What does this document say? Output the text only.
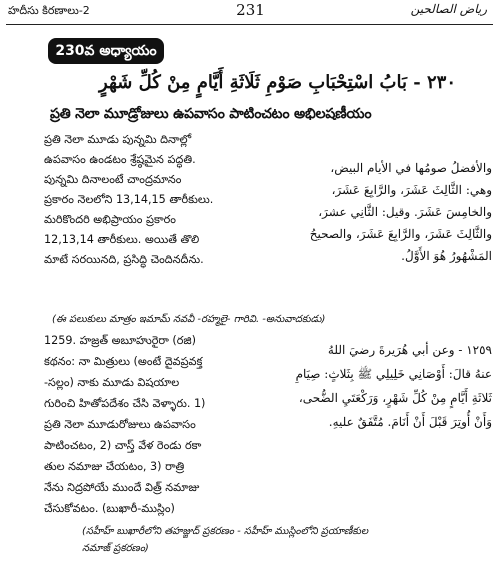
హదీసు కిరణాలు-2	231	رياض الصالحين
230వ అధ్యాయం
٢٣٠ - بَابُ اسْتِحْبَابِ صَوْمِ ثَلَاثَةِ أَيَّامٍ مِنْ كُلِّ شَهْرٍ
ప్రతి నెలా మూడ్రోజులు ఉపవాసం పాటించటం అభిలషణీయం
ప్రతి నెలా మూడు పున్నమి దినాల్లో
ఉపవాసం ఉండటం శ్రేష్ఠమైన పద్ధతి.
పున్నమి దినాలంటే చాంద్రమానం
ప్రకారం నెలలోని 13,14,15 తారీకులు.
మరికొందరి అభిప్రాయం ప్రకారం
12,13,14 తారీకులు. అయితే తొలి
మాటే సరయినది, ప్రసిద్ధి చెందినదీను.
والأفضلُ صومُها في الأيام البيض،
وهي: الثَّالِثَ عَشَرَ، والرَّابِعَ عَشَرَ،
والخامِسَ عَشَرَ. وقيل: الثَّانِي عشرَ،
والثَّالِثَ عَشَرَ، والرَّابِعَ عَشَرَ، والصحيحُ
المَشْهُورُ هُوَ الأَوَّلُ.
(ఈ పలుకులు మాత్రం ఇమామ్ నవవీ -రహ్మలై- గారివి. -అనువాదకుడు)
1259. హజ్రత్ అబూహురైరా (రజి)
కథనం: నా మిత్రులు (అంటే దైవప్రవక్త
-సల్లం) నాకు మూడు విషయాల
గురించి హితోపదేశం చేసి వెళ్ళారు. 1)
ప్రతి నెలా మూడురోజులు ఉపవాసం
పాటించటం, 2) చాస్త్ వేళ రెండు రకా
తుల నమాజు చేయటం, 3) రాత్రి
నేను నిద్రపోయే ముందే విత్ర్ నమాజు
చేసుకోవటం. (బుఖారీ-ముస్లిం)
١٢٥٩ - وعن أبي هُرَيرةَ رضيَ اللهُ
عنهُ قالَ: أَوْصَانِي خَلِيلِي ﷺ بِثَلاثٍ: صِيَامِ
ثَلاثَةِ أَيَّامٍ مِنْ كُلِّ شَهْرٍ، وَرَكْعَتَيِ الضُّحى،
وَأَنْ أُوتِرَ قَبْلَ أَنْ أَنَامَ. مُتَّفَقٌ عليهِ.
(సహీహ్ బుఖారీలోని తహజ్జుద్ ప్రకరణం - సహీహ్ ముస్లింలోని ప్రయాణీకుల
నమాజ్ ప్రకరణం)
